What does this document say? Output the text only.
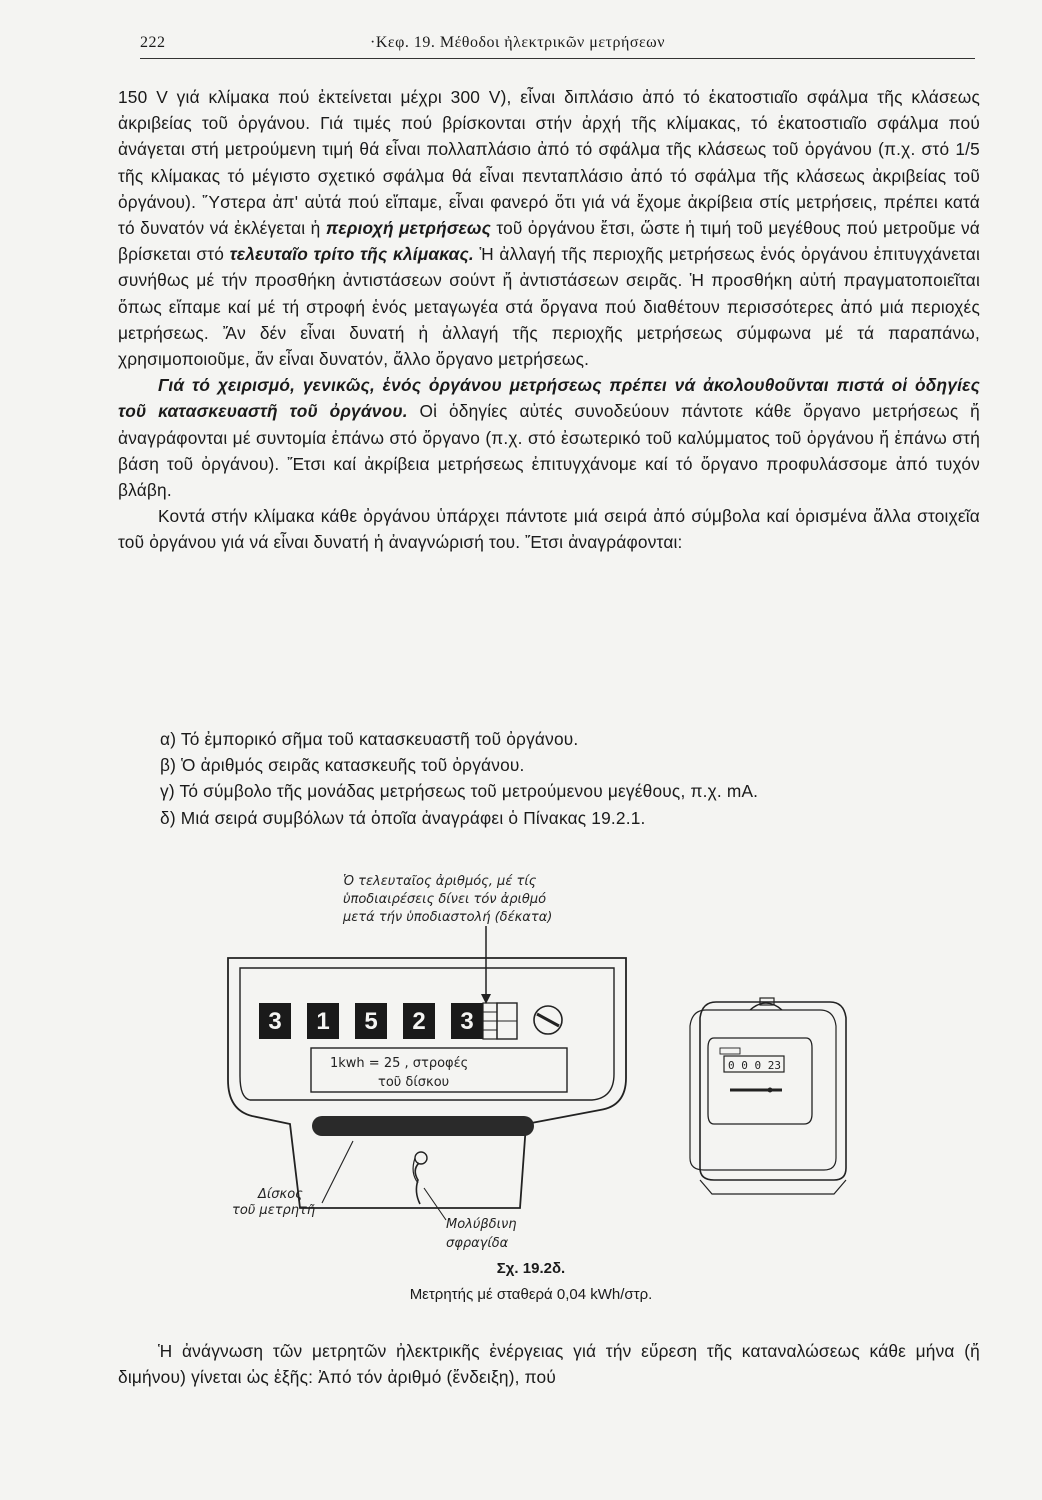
222	·Κεφ. 19. Μέθοδοι ἠλεκτρικῶν μετρήσεων

150 V γιά κλίμακα πού ἐκτείνεται μέχρι 300 V), εἶναι διπλάσιο ἀπό τό ἑκατοστιαῖο σφάλμα τῆς κλάσεως ἀκριβείας τοῦ ὀργάνου. Γιά τιμές πού βρίσκονται στήν ἀρχή τῆς κλίμακας, τό ἑκατοστιαῖο σφάλμα πού ἀνάγεται στή μετρούμενη τιμή θά εἶναι πολλαπλάσιο ἀπό τό σφάλμα τῆς κλάσεως τοῦ ὀργάνου (π.χ. στό 1/5 τῆς κλίμακας τό μέγιστο σχετικό σφάλμα θά εἶναι πενταπλάσιο ἀπό τό σφάλμα τῆς κλάσεως ἀκριβείας τοῦ ὀργάνου). Ὕστερα ἀπ' αὐτά πού εἴπαμε, εἶναι φανερό ὅτι γιά νά ἔχομε ἀκρίβεια στίς μετρήσεις, πρέπει κατά τό δυνατόν νά ἐκλέγεται ἡ περιοχή μετρήσεως τοῦ ὀργάνου ἔτσι, ὥστε ἡ τιμή τοῦ μεγέθους πού μετροῦμε νά βρίσκεται στό τελευταῖο τρίτο τῆς κλίμακας. Ἡ ἀλλαγή τῆς περιοχῆς μετρήσεως ἑνός ὀργάνου ἐπιτυγχάνεται συνήθως μέ τήν προσθήκη ἀντιστάσεων σούντ ἤ ἀντιστάσεων σειρᾶς. Ἡ προσθήκη αὐτή πραγματοποιεῖται ὅπως εἴπαμε καί μέ τή στροφή ἑνός μεταγωγέα στά ὄργανα πού διαθέτουν περισσότερες ἀπό μιά περιοχές μετρήσεως. Ἄν δέν εἶναι δυνατή ἡ ἀλλαγή τῆς περιοχῆς μετρήσεως σύμφωνα μέ τά παραπάνω, χρησιμοποιοῦμε, ἄν εἶναι δυνατόν, ἄλλο ὄργανο μετρήσεως.

Γιά τό χειρισμό, γενικῶς, ἑνός ὀργάνου μετρήσεως πρέπει νά ἀκολουθοῦνται πιστά οἱ ὁδηγίες τοῦ κατασκευαστῆ τοῦ ὀργάνου. Οἱ ὁδηγίες αὐτές συνοδεύουν πάντοτε κάθε ὄργανο μετρήσεως ἤ ἀναγράφονται μέ συντομία ἐπάνω στό ὄργανο (π.χ. στό ἐσωτερικό τοῦ καλύμματος τοῦ ὀργάνου ἤ ἐπάνω στή βάση τοῦ ὀργάνου). Ἔτσι καί ἀκρίβεια μετρήσεως ἐπιτυγχάνομε καί τό ὄργανο προφυλάσσομε ἀπό τυχόν βλάβη.

Κοντά στήν κλίμακα κάθε ὀργάνου ὑπάρχει πάντοτε μιά σειρά ἀπό σύμβολα καί ὁρισμένα ἄλλα στοιχεῖα τοῦ ὀργάνου γιά νά εἶναι δυνατή ἡ ἀναγνώρισή του. Ἔτσι ἀναγράφονται:

α) Τό ἐμπορικό σῆμα τοῦ κατασκευαστῆ τοῦ ὀργάνου.
β) Ὁ ἀριθμός σειρᾶς κατασκευῆς τοῦ ὀργάνου.
γ) Τό σύμβολο τῆς μονάδας μετρήσεως τοῦ μετρούμενου μεγέθους, π.χ. mA.
δ) Μιά σειρά συμβόλων τά ὁποῖα ἀναγράφει ὁ Πίνακας 19.2.1.
Ὁ τελευταῖος ἀριθμός, μέ τίς
ὑποδιαιρέσεις δίνει τόν ἀριθμό
μετά τήν ὑποδιαστολή (δέκατα)
3 1 5 2 3
1kwh = 25 , στροφές
τοῦ δίσκου
Δίσκος
τοῦ μετρητῆ
Μολύβδινη
σφραγίδα
0 0 0 23
Σχ. 19.2δ.
Μετρητής μέ σταθερά 0,04 kWh/στρ.

Ἡ ἀνάγνωση τῶν μετρητῶν ἠλεκτρικῆς ἐνέργειας γιά τήν εὕρεση τῆς καταναλώσεως κάθε μήνα (ἤ διμήνου) γίνεται ὡς ἑξῆς: Ἀπό τόν ἀριθμό (ἔνδειξη), πού
